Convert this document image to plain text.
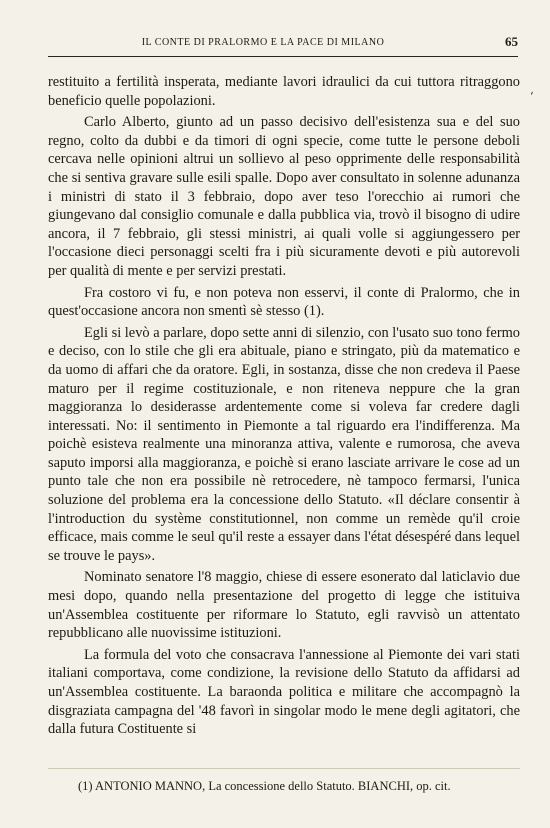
IL CONTE DI PRALORMO E LA PACE DI MILANO	65
‘

restituito a fertilità insperata, mediante lavori idraulici da cui tuttora ritraggono beneficio quelle popolazioni.

Carlo Alberto, giunto ad un passo decisivo dell'esistenza sua e del suo regno, colto da dubbi e da timori di ogni specie, come tutte le persone deboli cercava nelle opinioni altrui un sollievo al peso opprimente delle responsabilità che si sentiva gravare sulle esili spalle. Dopo aver consultato in solenne adunanza i ministri di stato il 3 febbraio, dopo aver teso l'orecchio ai rumori che giungevano dal consiglio comunale e dalla pubblica via, trovò il bisogno di udire ancora, il 7 febbraio, gli stessi ministri, ai quali volle si aggiungessero per l'occasione dieci personaggi scelti fra i più sicuramente devoti e più autorevoli per qualità di mente e per servizi prestati.

Fra costoro vi fu, e non poteva non esservi, il conte di Pralormo, che in quest'occasione ancora non smentì sè stesso (1).

Egli si levò a parlare, dopo sette anni di silenzio, con l'usato suo tono fermo e deciso, con lo stile che gli era abituale, piano e stringato, più da matematico e da uomo di affari che da oratore. Egli, in sostanza, disse che non credeva il Paese maturo per il regime costituzionale, e non riteneva neppure che la gran maggioranza lo desiderasse ardentemente come si voleva far credere dagli interessati. No: il sentimento in Piemonte a tal riguardo era l'indifferenza. Ma poichè esisteva realmente una minoranza attiva, valente e rumorosa, che aveva saputo imporsi alla maggioranza, e poichè si erano lasciate arrivare le cose ad un punto tale che non era possibile nè retrocedere, nè tampoco fermarsi, l'unica soluzione del problema era la concessione dello Statuto. «Il déclare consentir à l'introduction du système constitutionnel, non comme un remède qu'il croie efficace, mais comme le seul qu'il reste a essayer dans l'état désespéré dans lequel se trouve le pays».

Nominato senatore l'8 maggio, chiese di essere esonerato dal laticlavio due mesi dopo, quando nella presentazione del progetto di legge che istituiva un'Assemblea costituente per riformare lo Statuto, egli ravvisò un attentato repubblicano alle nuovissime istituzioni.

La formula del voto che consacrava l'annessione al Piemonte dei vari stati italiani comportava, come condizione, la revisione dello Statuto da affidarsi ad un'Assemblea costituente. La baraonda politica e militare che accompagnò la disgraziata campagna del '48 favorì in singolar modo le mene degli agitatori, che dalla futura Costituente si

(1) ANTONIO MANNO, La concessione dello Statuto. BIANCHI, op. cit.
